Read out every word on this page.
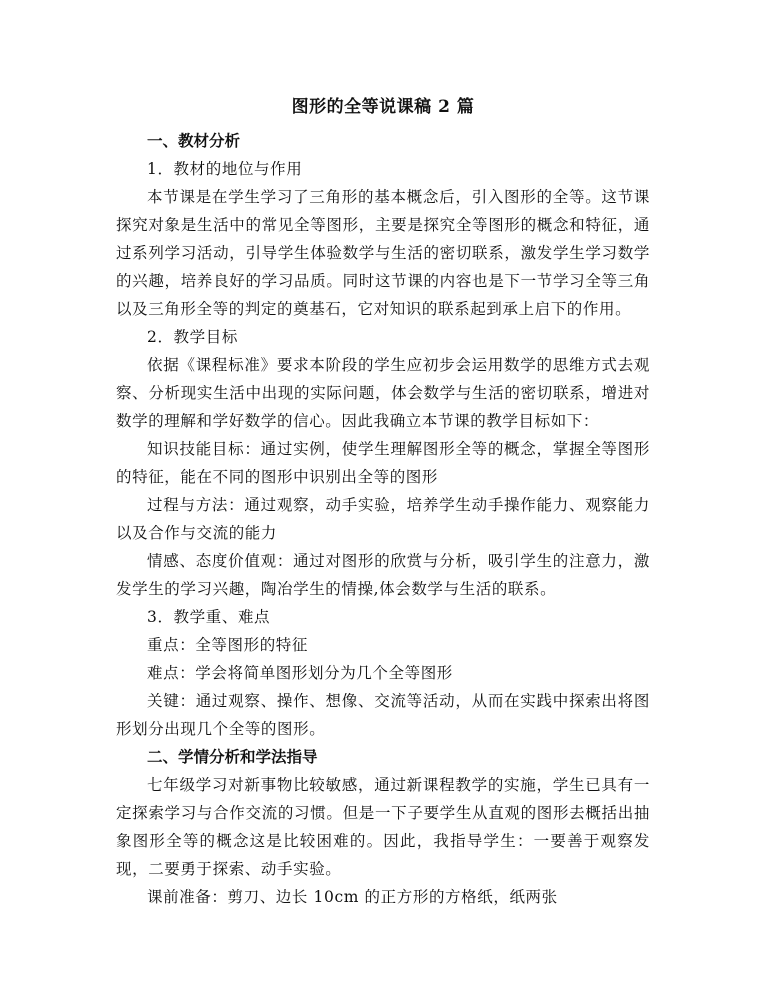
图形的全等说课稿 2 篇
一、教材分析
1．教材的地位与作用
本节课是在学生学习了三角形的基本概念后，引入图形的全等。这节课探究对象是生活中的常见全等图形，主要是探究全等图形的概念和特征，通过系列学习活动，引导学生体验数学与生活的密切联系，激发学生学习数学的兴趣，培养良好的学习品质。同时这节课的内容也是下一节学习全等三角以及三角形全等的判定的奠基石，它对知识的联系起到承上启下的作用。
2．教学目标
依据《课程标准》要求本阶段的学生应初步会运用数学的思维方式去观察、分析现实生活中出现的实际问题，体会数学与生活的密切联系，增进对数学的理解和学好数学的信心。因此我确立本节课的教学目标如下：
知识技能目标：通过实例，使学生理解图形全等的概念，掌握全等图形的特征，能在不同的图形中识别出全等的图形
过程与方法：通过观察，动手实验，培养学生动手操作能力、观察能力以及合作与交流的能力
情感、态度价值观：通过对图形的欣赏与分析，吸引学生的注意力，激发学生的学习兴趣，陶冶学生的情操,体会数学与生活的联系。
3．教学重、难点
重点：全等图形的特征
难点：学会将简单图形划分为几个全等图形
关键：通过观察、操作、想像、交流等活动，从而在实践中探索出将图形划分出现几个全等的图形。
二、学情分析和学法指导
七年级学习对新事物比较敏感，通过新课程教学的实施，学生已具有一定探索学习与合作交流的习惯。但是一下子要学生从直观的图形去概括出抽象图形全等的概念这是比较困难的。因此，我指导学生：一要善于观察发现，二要勇于探索、动手实验。
课前准备：剪刀、边长 10cm 的正方形的方格纸，纸两张
